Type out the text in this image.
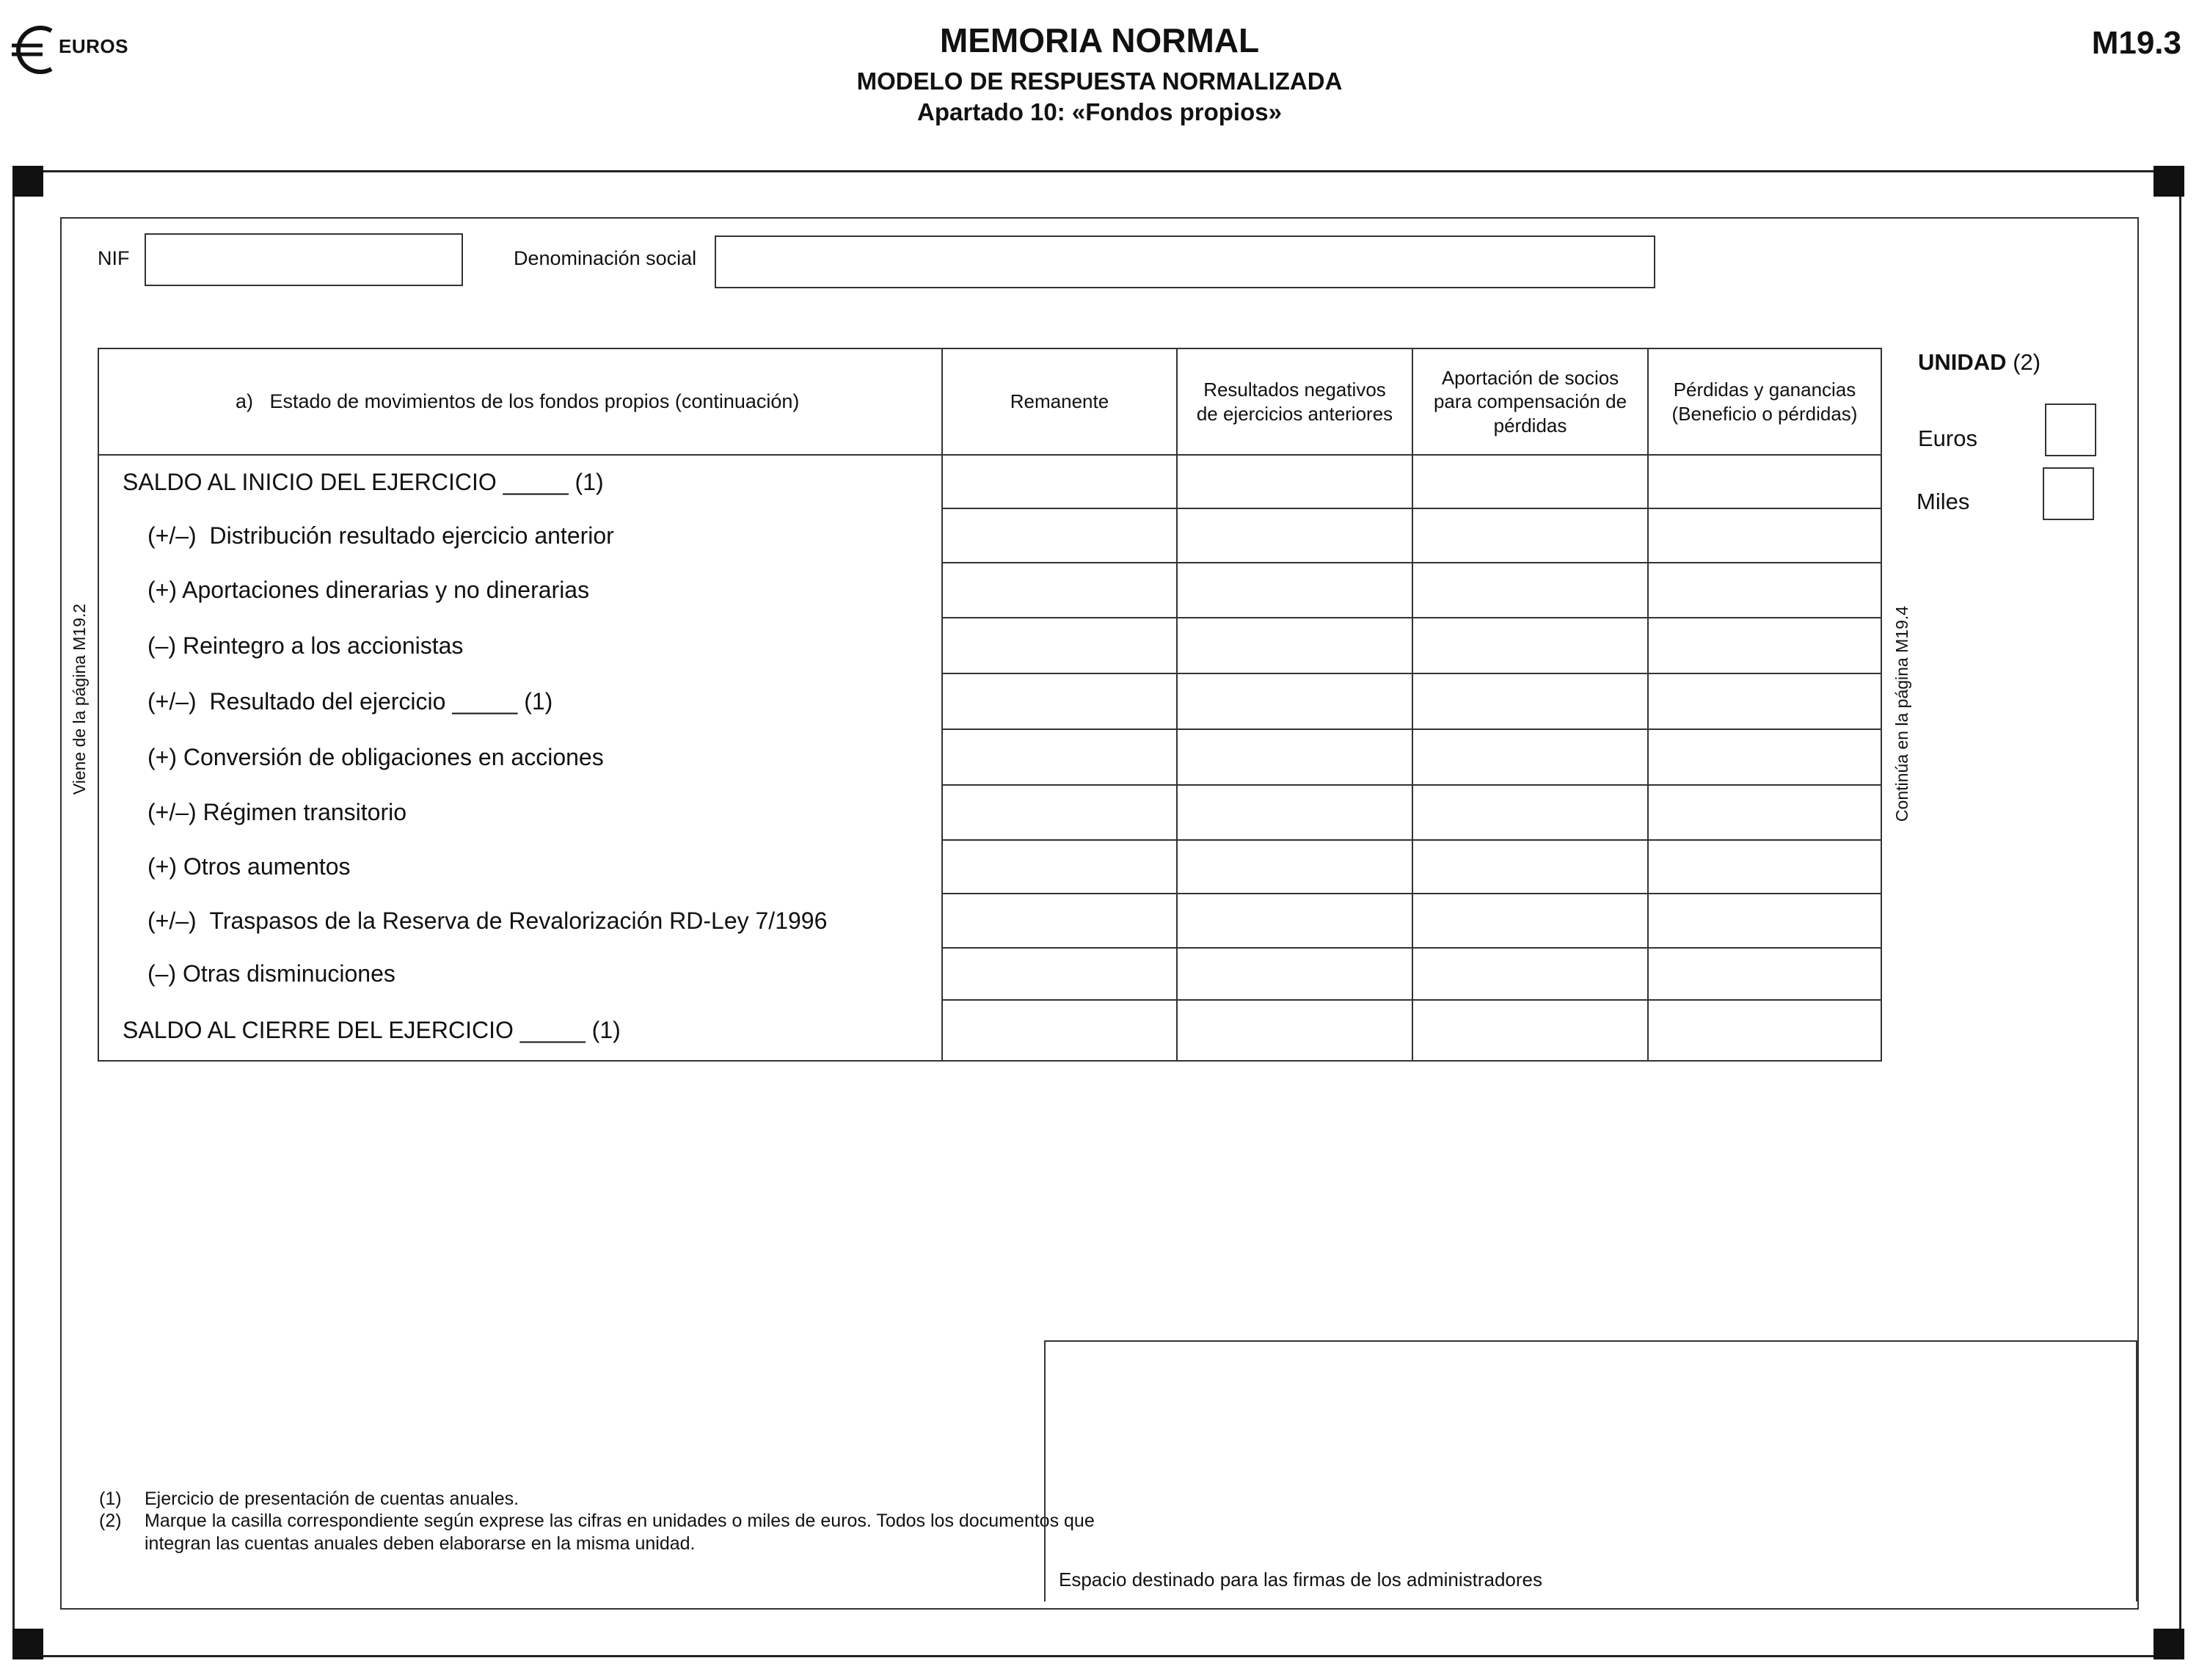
EUROS	MEMORIA NORMAL
MODELO DE RESPUESTA NORMALIZADA
Apartado 10: «Fondos propios»
M19.3
NIF	Denominación social
a)   Estado de movimientos de los fondos propios (continuación)	Remanente	Resultados negativos de ejercicios anteriores	Aportación de socios para compensación de pérdidas	Pérdidas y ganancias (Beneficio o pérdidas)
SALDO AL INICIO DEL EJERCICIO _____ (1)				
(+/–)  Distribución resultado ejercicio anterior				
(+) Aportaciones dinerarias y no dinerarias				
(–) Reintegro a los accionistas				
(+/–)  Resultado del ejercicio _____ (1)				
(+) Conversión de obligaciones en acciones				
(+/–) Régimen transitorio				
(+) Otros aumentos				
(+/–)  Traspasos de la Reserva de Revalorización RD-Ley 7/1996				
(–) Otras disminuciones				
SALDO AL CIERRE DEL EJERCICIO _____ (1)				
Viene de la página M19.2	Continúa en la página M19.4
UNIDAD (2)
Euros
Miles
(1) Ejercicio de presentación de cuentas anuales.
(2) Marque la casilla correspondiente según exprese las cifras en unidades o miles de euros. Todos los documentos que integran las cuentas anuales deben elaborarse en la misma unidad.
Espacio destinado para las firmas de los administradores
